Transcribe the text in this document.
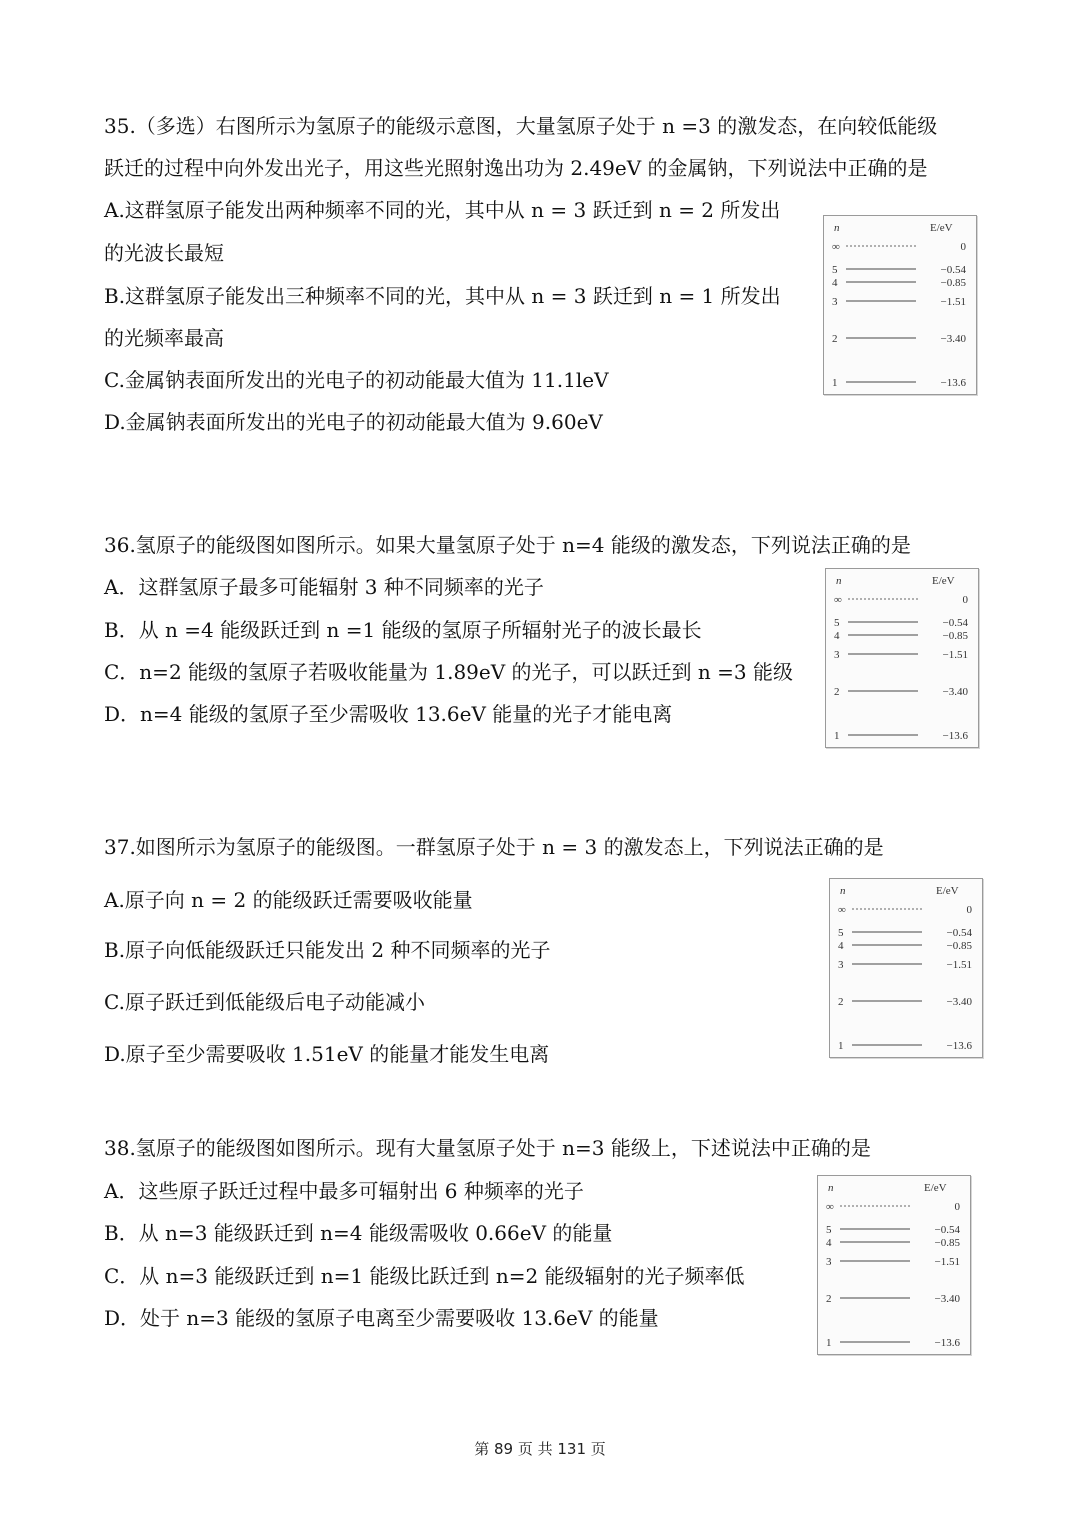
35.（多选）右图所示为氢原子的能级示意图，大量氢原子处于 n =3 的激发态，在向较低能级
跃迁的过程中向外发出光子，用这些光照射逸出功为 2.49eV 的金属钠，下列说法中正确的是
A.这群氢原子能发出两种频率不同的光，其中从 n = 3 跃迁到 n = 2 所发出
的光波长最短
B.这群氢原子能发出三种频率不同的光，其中从 n = 3 跃迁到 n = 1 所发出
的光频率最高
C.金属钠表面所发出的光电子的初动能最大值为 11.1leV
D.金属钠表面所发出的光电子的初动能最大值为 9.60eV
n	E/eV
∞	0
5	−0.54
4	−0.85
3	−1.51
2	−3.40
1	−13.6
36.氢原子的能级图如图所示。如果大量氢原子处于 n=4 能级的激发态，下列说法正确的是
A．这群氢原子最多可能辐射 3 种不同频率的光子
B．从 n =4 能级跃迁到 n =1 能级的氢原子所辐射光子的波长最长
C．n=2 能级的氢原子若吸收能量为 1.89eV 的光子，可以跃迁到 n =3 能级
D．n=4 能级的氢原子至少需吸收 13.6eV 能量的光子才能电离
n	E/eV
∞	0
5	−0.54
4	−0.85
3	−1.51
2	−3.40
1	−13.6
37.如图所示为氢原子的能级图。一群氢原子处于 n = 3 的激发态上，下列说法正确的是
A.原子向 n = 2 的能级跃迁需要吸收能量
B.原子向低能级跃迁只能发出 2 种不同频率的光子
C.原子跃迁到低能级后电子动能减小
D.原子至少需要吸收 1.51eV 的能量才能发生电离
n	E/eV
∞	0
5	−0.54
4	−0.85
3	−1.51
2	−3.40
1	−13.6
38.氢原子的能级图如图所示。现有大量氢原子处于 n=3 能级上，下述说法中正确的是
A．这些原子跃迁过程中最多可辐射出 6 种频率的光子
B．从 n=3 能级跃迁到 n=4 能级需吸收 0.66eV 的能量
C．从 n=3 能级跃迁到 n=1 能级比跃迁到 n=2 能级辐射的光子频率低
D．处于 n=3 能级的氢原子电离至少需要吸收 13.6eV 的能量
n	E/eV
∞	0
5	−0.54
4	−0.85
3	−1.51
2	−3.40
1	−13.6
第 89 页 共 131 页
